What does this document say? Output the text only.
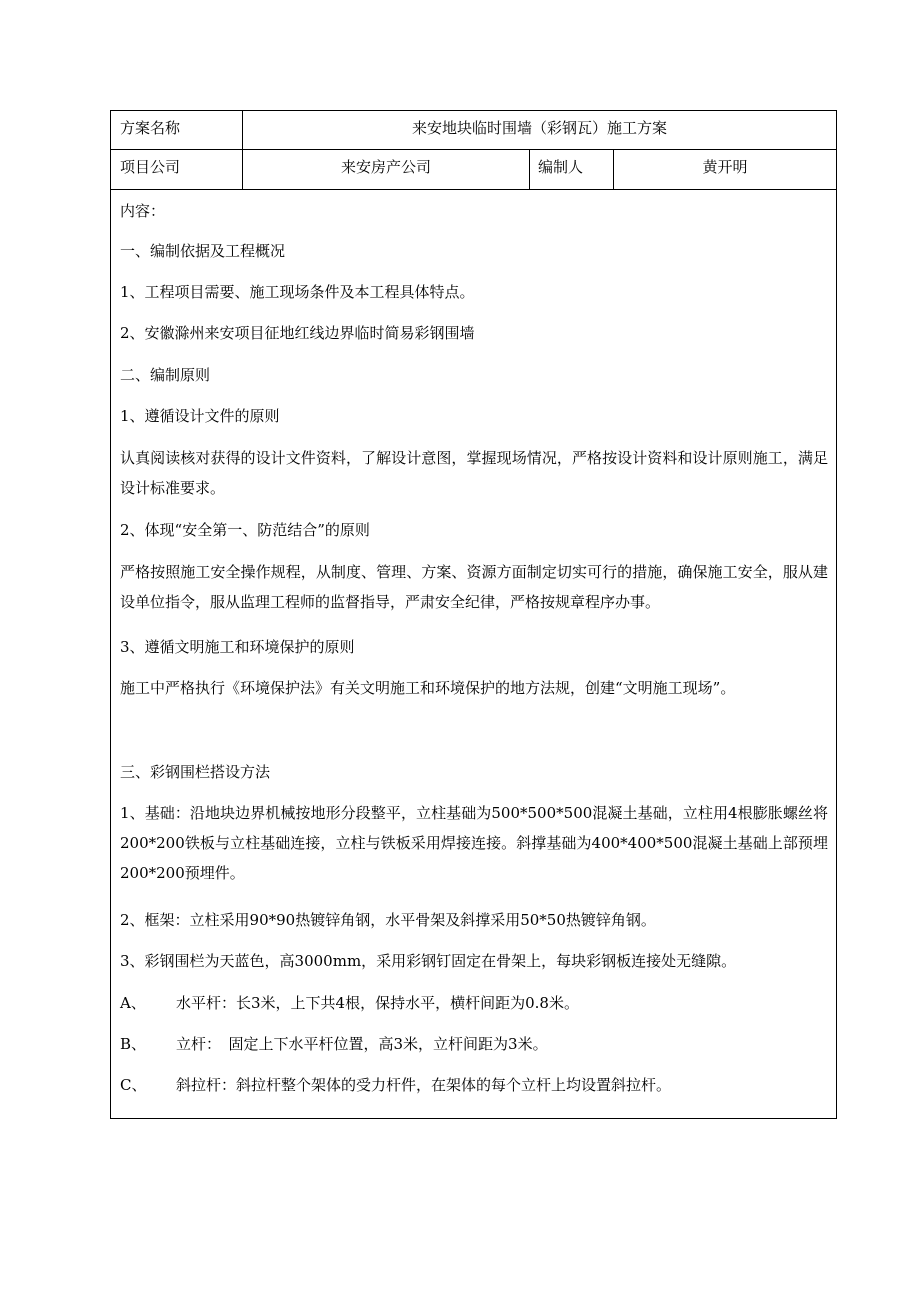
方案名称	来安地块临时围墙（彩钢瓦）施工方案
项目公司	来安房产公司	编制人	黄开明
内容：
一、编制依据及工程概况
1、工程项目需要、施工现场条件及本工程具体特点。
2、安徽滁州来安项目征地红线边界临时简易彩钢围墙
二、编制原则
1、遵循设计文件的原则
认真阅读核对获得的设计文件资料，了解设计意图，掌握现场情况，严格按设计资料和设计原则施工，满足设计标准要求。
2、体现“安全第一、防范结合”的原则
严格按照施工安全操作规程，从制度、管理、方案、资源方面制定切实可行的措施，确保施工安全，服从建设单位指令，服从监理工程师的监督指导，严肃安全纪律，严格按规章程序办事。
3、遵循文明施工和环境保护的原则
施工中严格执行《环境保护法》有关文明施工和环境保护的地方法规，创建“文明施工现场”。
三、彩钢围栏搭设方法
1、基础：沿地块边界机械按地形分段整平，立柱基础为500*500*500混凝土基础，立柱用4根膨胀螺丝将200*200铁板与立柱基础连接，立柱与铁板采用焊接连接。斜撑基础为400*400*500混凝土基础上部预埋200*200预埋件。
2、框架：立柱采用90*90热镀锌角钢，水平骨架及斜撑采用50*50热镀锌角钢。
3、彩钢围栏为天蓝色，高3000mm，采用彩钢钉固定在骨架上，每块彩钢板连接处无缝隙。
A、 水平杆：长3米，上下共4根，保持水平，横杆间距为0.8米。
B、 立杆：　固定上下水平杆位置，高3米，立杆间距为3米。
C、 斜拉杆：斜拉杆整个架体的受力杆件，在架体的每个立杆上均设置斜拉杆。
